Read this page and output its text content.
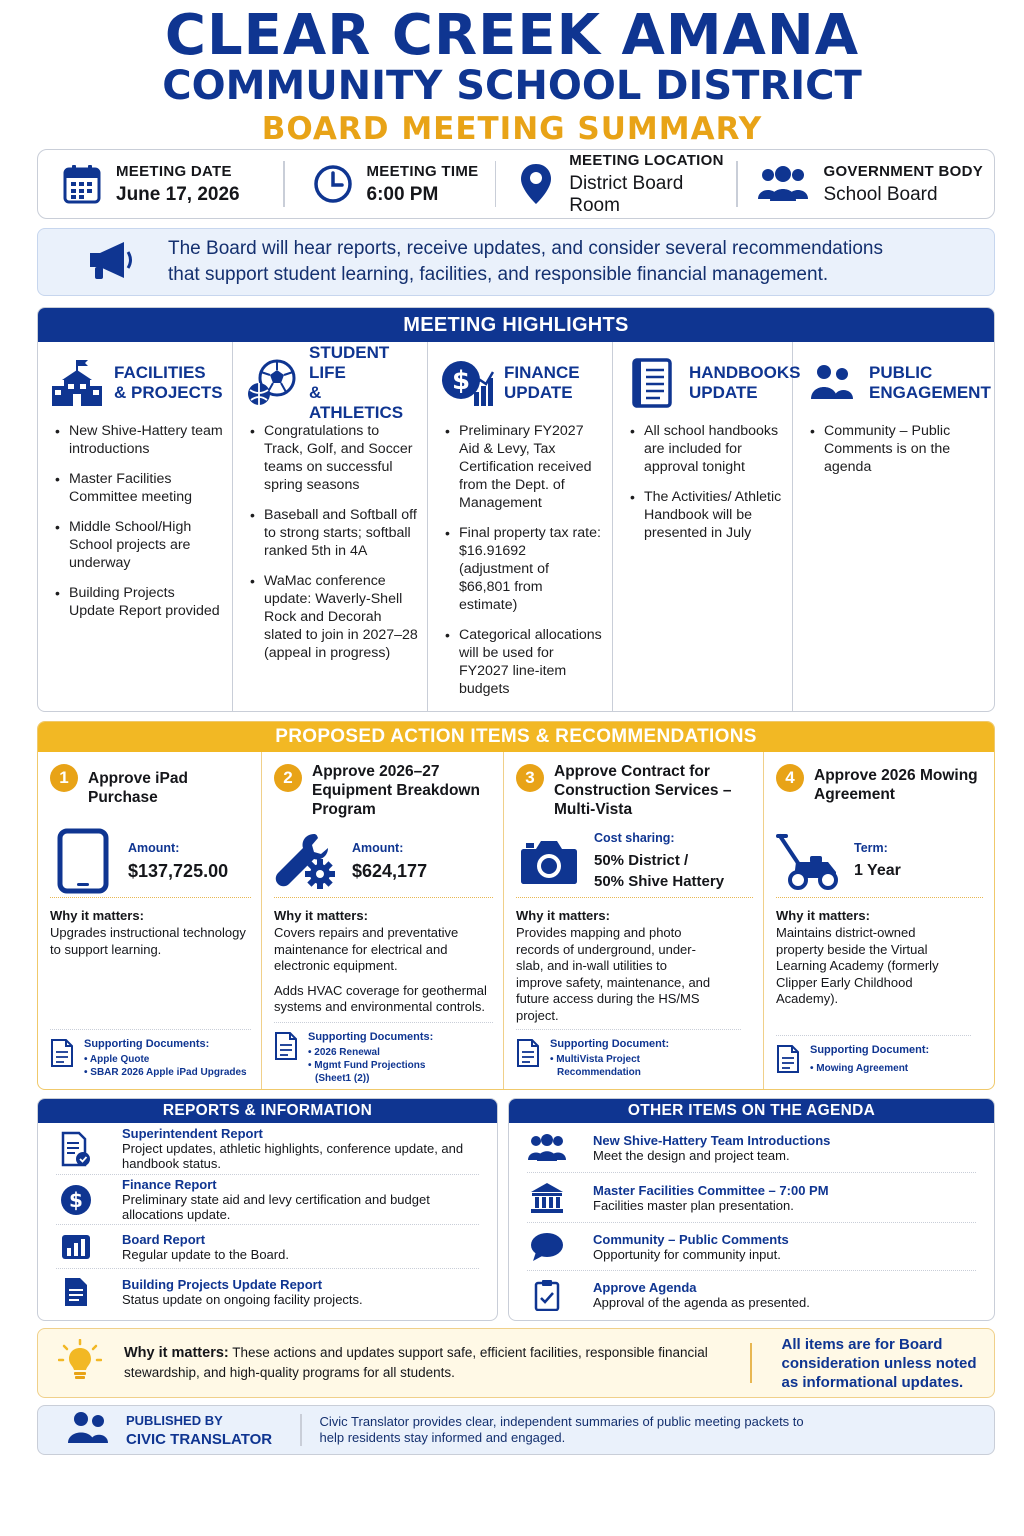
CLEAR CREEK AMANA
COMMUNITY SCHOOL DISTRICT
BOARD MEETING SUMMARY
MEETING DATE
June 17, 2026
MEETING TIME
6:00 PM
MEETING LOCATION
District Board Room
GOVERNMENT BODY
School Board
The Board will hear reports, receive updates, and consider several recommendations
that support student learning, facilities, and responsible financial management.
MEETING HIGHLIGHTS
FACILITIES
& PROJECTS
• New Shive-Hattery team introductions
• Master Facilities Committee meeting
• Middle School/High School projects are underway
• Building Projects Update Report provided
STUDENT LIFE
& ATHLETICS
• Congratulations to Track, Golf, and Soccer teams on successful spring seasons
• Baseball and Softball off to strong starts; softball ranked 5th in 4A
• WaMac conference update: Waverly-Shell Rock and Decorah slated to join in 2027–28 (appeal in progress)
$ FINANCE
UPDATE
• Preliminary FY2027 Aid & Levy, Tax Certification received from the Dept. of Management
• Final property tax rate: $16.91692 (adjustment of $66,801 from estimate)
• Categorical allocations will be used for FY2027 line-item budgets
•
HANDBOOKS
UPDATE
• All school handbooks are included for approval tonight
• The Activities/ Athletic Handbook will be presented in July
PUBLIC
ENGAGEMENT
• Community – Public Comments is on the agenda
PROPOSED ACTION ITEMS & RECOMMENDATIONS
1	Approve iPad Purchase
Amount:
$137,725.00
Why it matters:
Upgrades instructional technology to support learning.
Supporting Documents:
• Apple Quote
• SBAR 2026 Apple iPad Upgrades
2	Approve 2026–27 Equipment Breakdown Program
Amount:
$624,177
Why it matters:
Covers repairs and preventative maintenance for electrical and electronic equipment.
Adds HVAC coverage for geothermal systems and environmental controls.
Supporting Documents:
• 2026 Renewal
• Mgmt Fund Projections
(Sheet1 (2))
3	Approve Contract for Construction Services – Multi-Vista
Cost sharing:
50% District /
50% Shive Hattery
Why it matters:
Provides mapping and photo records of underground, under-slab, and in-wall utilities to improve safety, maintenance, and future access during the HS/MS project.
Supporting Document:
• MultiVista Project
Recommendation
4	Approve 2026 Mowing Agreement
Term:
1 Year
Why it matters:
Maintains district-owned property beside the Virtual Learning Academy (formerly Clipper Early Childhood Academy).
Supporting Document:
• Mowing Agreement
REPORTS & INFORMATION
Superintendent Report
Project updates, athletic highlights, conference update, and handbook status.
$
Finance Report
Preliminary state aid and levy certification and budget allocations update.
Board Report
Regular update to the Board.
Building Projects Update Report
Status update on ongoing facility projects.
OTHER ITEMS ON THE AGENDA
New Shive-Hattery Team Introductions
Meet the design and project team.
Master Facilities Committee – 7:00 PM
Facilities master plan presentation.
Community – Public Comments
Opportunity for community input.
Approve Agenda
Approval of the agenda as presented.
Why it matters: These actions and updates support safe, efficient facilities, responsible financial stewardship, and high-quality programs for all students.
All items are for Board consideration unless noted as informational updates.
PUBLISHED BY
CIVIC TRANSLATOR
Civic Translator provides clear, independent summaries of public meeting packets to help residents stay informed and engaged.
